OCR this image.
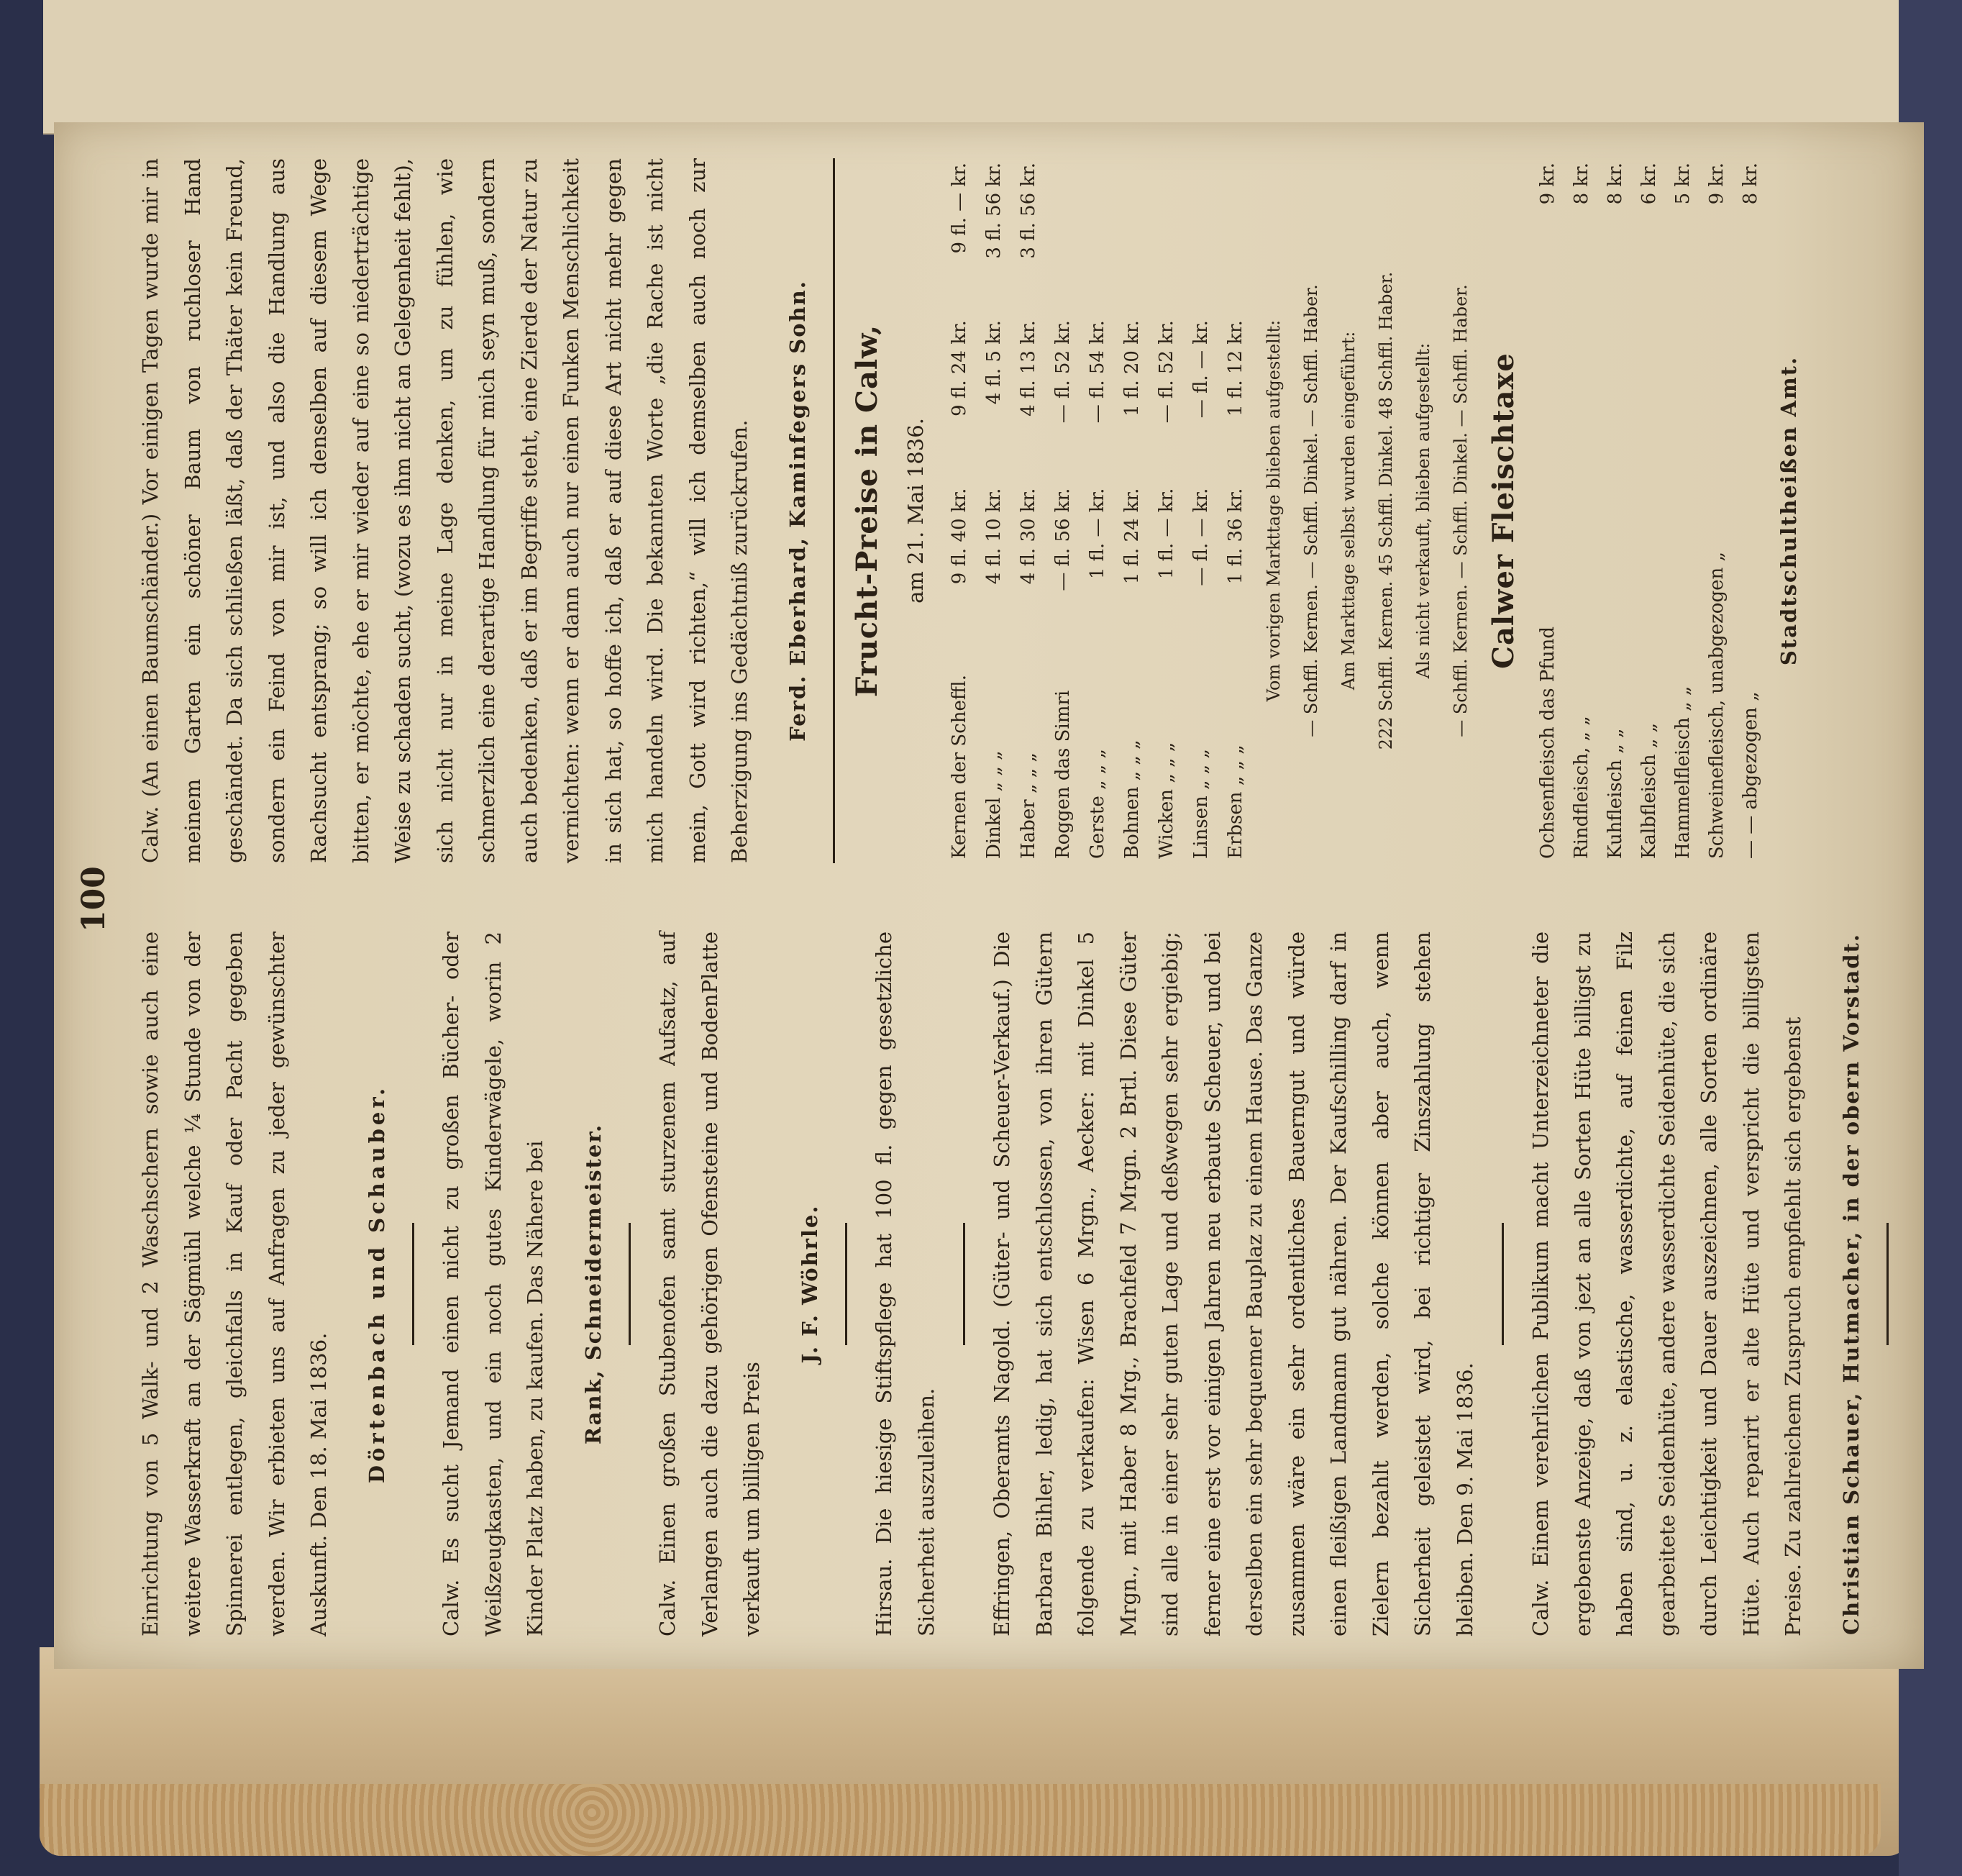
100

Einrichtung von 5 Walk- und 2 Waschschern sowie auch eine weitere Wasserkraft an der Sägmühl welche ¼ Stunde von der Spinnerei entlegen, gleichfalls in Kauf oder Pacht gegeben werden. Wir erbieten uns auf Anfragen zu jeder gewünschter Auskunft. Den 18. Mai 1836.

Dörtenbach und Schauber.	Calw. Es sucht Jemand einen nicht zu großen Bücher- oder Weißzeugkasten, und ein noch gutes Kinderwägele, worin 2 Kinder Platz haben, zu kaufen. Das Nähere bei	Rank, Schneidermeister.	Calw. Einen großen Stubenofen samt sturzenem Aufsatz, auf Verlangen auch die dazu gehörigen Ofensteine und BodenPlatte verkauft um billigen Preis

J. F. Wöhrle.	Hirsau. Die hiesige Stiftspflege hat 100 fl. gegen gesetzliche Sicherheit auszuleihen.	Effringen, Oberamts Nagold. (Güter- und Scheuer-Verkauf.) Die Barbara Bihler, ledig, hat sich entschlossen, von ihren Gütern folgende zu verkaufen: Wisen 6 Mrgn., Aecker: mit Dinkel 5 Mrgn., mit Haber 8 Mrg., Brachfeld 7 Mrgn. 2 Brtl. Diese Güter sind alle in einer sehr guten Lage und deßwegen sehr ergiebig; ferner eine erst vor einigen Jahren neu erbaute Scheuer, und bei derselben ein sehr bequemer Bauplaz zu einem Hause. Das Ganze zusammen wäre ein sehr ordentliches Bauerngut und würde einen fleißigen Landmann gut nähren. Der Kaufschilling darf in Zielern bezahlt werden, solche können aber auch, wenn Sicherheit geleistet wird, bei richtiger Zinszahlung stehen bleiben. Den 9. Mai 1836.	Calw. Einem verehrlichen Publikum macht Unterzeichneter die ergebenste Anzeige, daß von jezt an alle Sorten Hüte billigst zu haben sind, u. z. elastische, wasserdichte, auf feinen Filz gearbeitete Seidenhüte, andere wasserdichte Seidenhüte, die sich durch Leichtigkeit und Dauer auszeichnen, alle Sorten ordinäre Hüte. Auch reparirt er alte Hüte und verspricht die billigsten Preise. Zu zahlreichem Zuspruch empfiehlt sich ergebenst	Christian Schauer, Hutmacher, in der obern Vorstadt.

Calw. (An einen Baumschänder.) Vor einigen Tagen wurde mir in meinem Garten ein schöner Baum von ruchloser Hand geschändet. Da sich schließen läßt, daß der Thäter kein Freund, sondern ein Feind von mir ist, und also die Handlung aus Rachsucht entsprang; so will ich denselben auf diesem Wege bitten, er möchte, ehe er mir wieder auf eine so niederträchtige Weise zu schaden sucht, (wozu es ihm nicht an Gelegenheit fehlt), sich nicht nur in meine Lage denken, um zu fühlen, wie schmerzlich eine derartige Handlung für mich seyn muß, sondern auch bedenken, daß er im Begriffe steht, eine Zierde der Natur zu vernichten: wenn er dann auch nur einen Funken Menschlichkeit in sich hat, so hoffe ich, daß er auf diese Art nicht mehr gegen mich handeln wird. Die bekannten Worte „die Rache ist nicht mein, Gott wird richten,“ will ich demselben auch noch zur Beherzigung ins Gedächtniß zurückrufen.	Ferd. Eberhard, Kaminfegers Sohn.	Frucht-Preise in Calw, am 21. Mai 1836.
Kernen der Scheffl.	9 fl. 40 kr.	9 fl. 24 kr.	9 fl. — kr.
Dinkel „ „ „	4 fl. 10 kr.	4 fl. 5 kr.	3 fl. 56 kr.
Haber „ „ „	4 fl. 30 kr.	4 fl. 13 kr.	3 fl. 56 kr.
Roggen das Simri	— fl. 56 kr.	— fl. 52 kr.	
Gerste „ „ „	1 fl. — kr.	— fl. 54 kr.	
Bohnen „ „ „	1 fl. 24 kr.	1 fl. 20 kr.	
Wicken „ „ „	1 fl. — kr.	— fl. 52 kr.	
Linsen „ „ „	— fl. — kr.	— fl. — kr.	
Erbsen „ „ „	1 fl. 36 kr.	1 fl. 12 kr.		Vom vorigen Markttage blieben aufgestellt:	— Schffl. Kernen. — Schffl. Dinkel. — Schffl. Haber.	Am Markttage selbst wurden eingeführt:	222 Schffl. Kernen. 45 Schffl. Dinkel. 48 Schffl. Haber.	Als nicht verkauft, blieben aufgestellt:	— Schffl. Kernen. — Schffl. Dinkel. — Schffl. Haber. Calwer Fleischtaxe
Ochsenfleisch das Pfund	9 kr.
Rindfleisch, „ „	8 kr.
Kuhfleisch „ „	8 kr.
Kalbfleisch „ „	6 kr.
Hammelfleisch „ „	5 kr.
Schweinefleisch, unabgezogen „	9 kr.
— — abgezogen „	8 kr.
Stadtschultheißen Amt.
